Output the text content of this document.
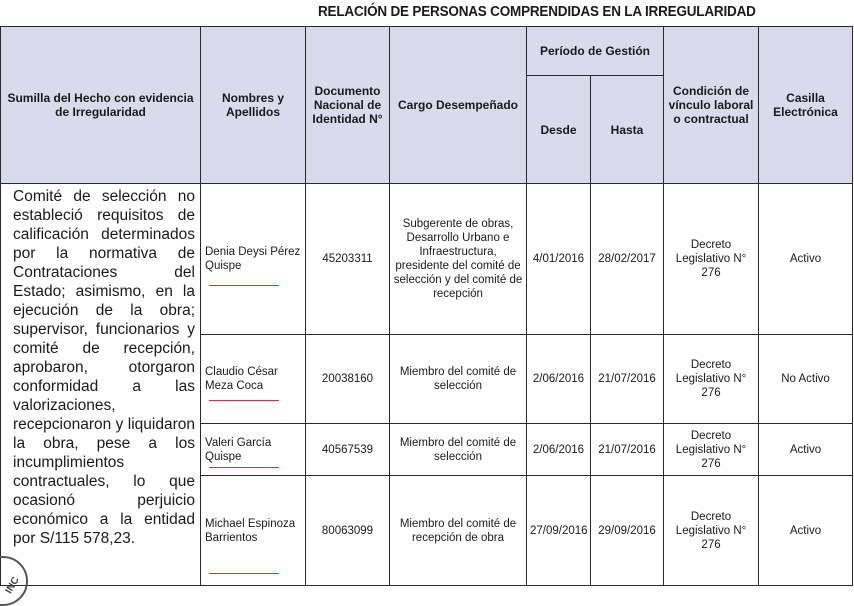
RELACIÓN DE PERSONAS COMPRENDIDAS EN LA IRREGULARIDAD
Sumilla del Hecho con evidencia de Irregularidad	Nombres y Apellidos	Documento Nacional de Identidad N°	Cargo Desempeñado	Período de Gestión		Condición de vínculo laboral o contractual	Casilla Electrónica
				Desde	Hasta		
Comité de selección no estableció requisitos de calificación determinados por la normativa de Contrataciones del Estado; asimismo, en la ejecución de la obra; supervisor, funcionarios y comité de recepción, aprobaron, otorgaron conformidad a las valorizaciones, recepcionaron y liquidaron la obra, pese a los incumplimientos contractuales, lo que ocasionó perjuicio económico a la entidad por S/115 578,23.	Denia Deysi Pérez Quispe	45203311	Subgerente de obras, Desarrollo Urbano e Infraestructura, presidente del comité de selección y del comité de recepción	4/01/2016	28/02/2017	Decreto Legislativo N° 276	Activo
	Claudio César Meza Coca	20038160	Miembro del comité de selección	2/06/2016	21/07/2016	Decreto Legislativo N° 276	No Activo
	Valeri García Quispe	40567539	Miembro del comité de selección	2/06/2016	21/07/2016	Decreto Legislativo N° 276	Activo
	Michael Espinoza Barrientos	80063099	Miembro del comité de recepción de obra	27/09/2016	29/09/2016	Decreto Legislativo N° 276	Activo
INC
